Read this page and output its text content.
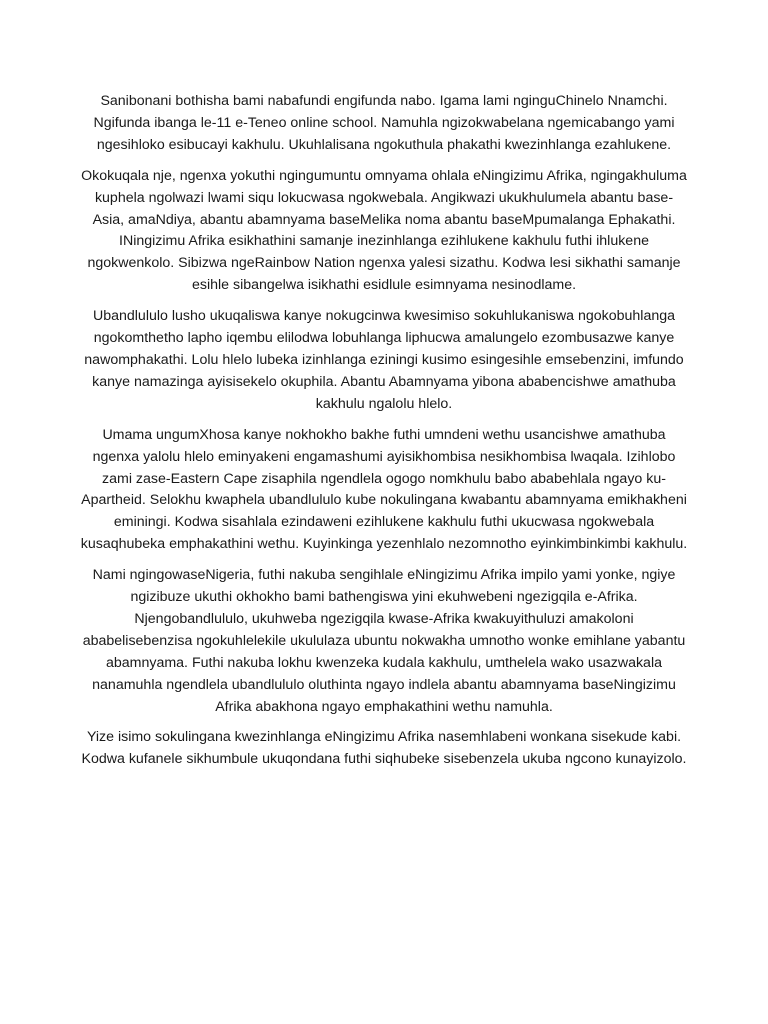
Sanibonani bothisha bami nabafundi engifunda nabo. Igama lami nginguChinelo Nnamchi. Ngifunda ibanga le-11 e-Teneo online school. Namuhla ngizokwabelana ngemicabango yami ngesihloko esibucayi kakhulu. Ukuhlalisana ngokuthula phakathi kwezinhlanga ezahlukene.

Okokuqala nje, ngenxa yokuthi ngingumuntu omnyama ohlala eNingizimu Afrika, ngingakhuluma kuphela ngolwazi lwami siqu lokucwasa ngokwebala. Angikwazi ukukhulumela abantu base-Asia, amaNdiya, abantu abamnyama baseMelika noma abantu baseMpumalanga Ephakathi. INingizimu Afrika esikhathini samanje inezinhlanga ezihlukene kakhulu futhi ihlukene ngokwenkolo. Sibizwa ngeRainbow Nation ngenxa yalesi sizathu. Kodwa lesi sikhathi samanje esihle sibangelwa isikhathi esidlule esimnyama nesinodlame.

Ubandlululo lusho ukuqaliswa kanye nokugcinwa kwesimiso sokuhlukaniswa ngokobuhlanga ngokomthetho lapho iqembu elilodwa lobuhlanga liphucwa amalungelo ezombusazwe kanye nawomphakathi. Lolu hlelo lubeka izinhlanga eziningi kusimo esingesihle emsebenzini, imfundo kanye namazinga ayisisekelo okuphila. Abantu Abamnyama yibona ababencishwe amathuba kakhulu ngalolu hlelo.

Umama ungumXhosa kanye nokhokho bakhe futhi umndeni wethu usancishwe amathuba ngenxa yalolu hlelo eminyakeni engamashumi ayisikhombisa nesikhombisa lwaqala. Izihlobo zami zase-Eastern Cape zisaphila ngendlela ogogo nomkhulu babo ababehlala ngayo ku-Apartheid. Selokhu kwaphela ubandlululo kube nokulingana kwabantu abamnyama emikhakheni eminingi. Kodwa sisahlala ezindaweni ezihlukene kakhulu futhi ukucwasa ngokwebala kusaqhubeka emphakathini wethu. Kuyinkinga yezenhlalo nezomnotho eyinkimbinkimbi kakhulu.

Nami ngingowaseNigeria, futhi nakuba sengihlale eNingizimu Afrika impilo yami yonke, ngiye ngizibuze ukuthi okhokho bami bathengiswa yini ekuhwebeni ngezigqila e-Afrika. Njengobandlululo, ukuhweba ngezigqila kwase-Afrika kwakuyithuluzi amakoloni ababelisebenzisa ngokuhlelekile ukululaza ubuntu nokwakha umnotho wonke emihlane yabantu abamnyama. Futhi nakuba lokhu kwenzeka kudala kakhulu, umthelela wako usazwakala nanamuhla ngendlela ubandlululo oluthinta ngayo indlela abantu abamnyama baseNingizimu Afrika abakhona ngayo emphakathini wethu namuhla.

Yize isimo sokulingana kwezinhlanga eNingizimu Afrika nasemhlabeni wonkana sisekude kabi. Kodwa kufanele sikhumbule ukuqondana futhi siqhubeke sisebenzela ukuba ngcono kunayizolo.
